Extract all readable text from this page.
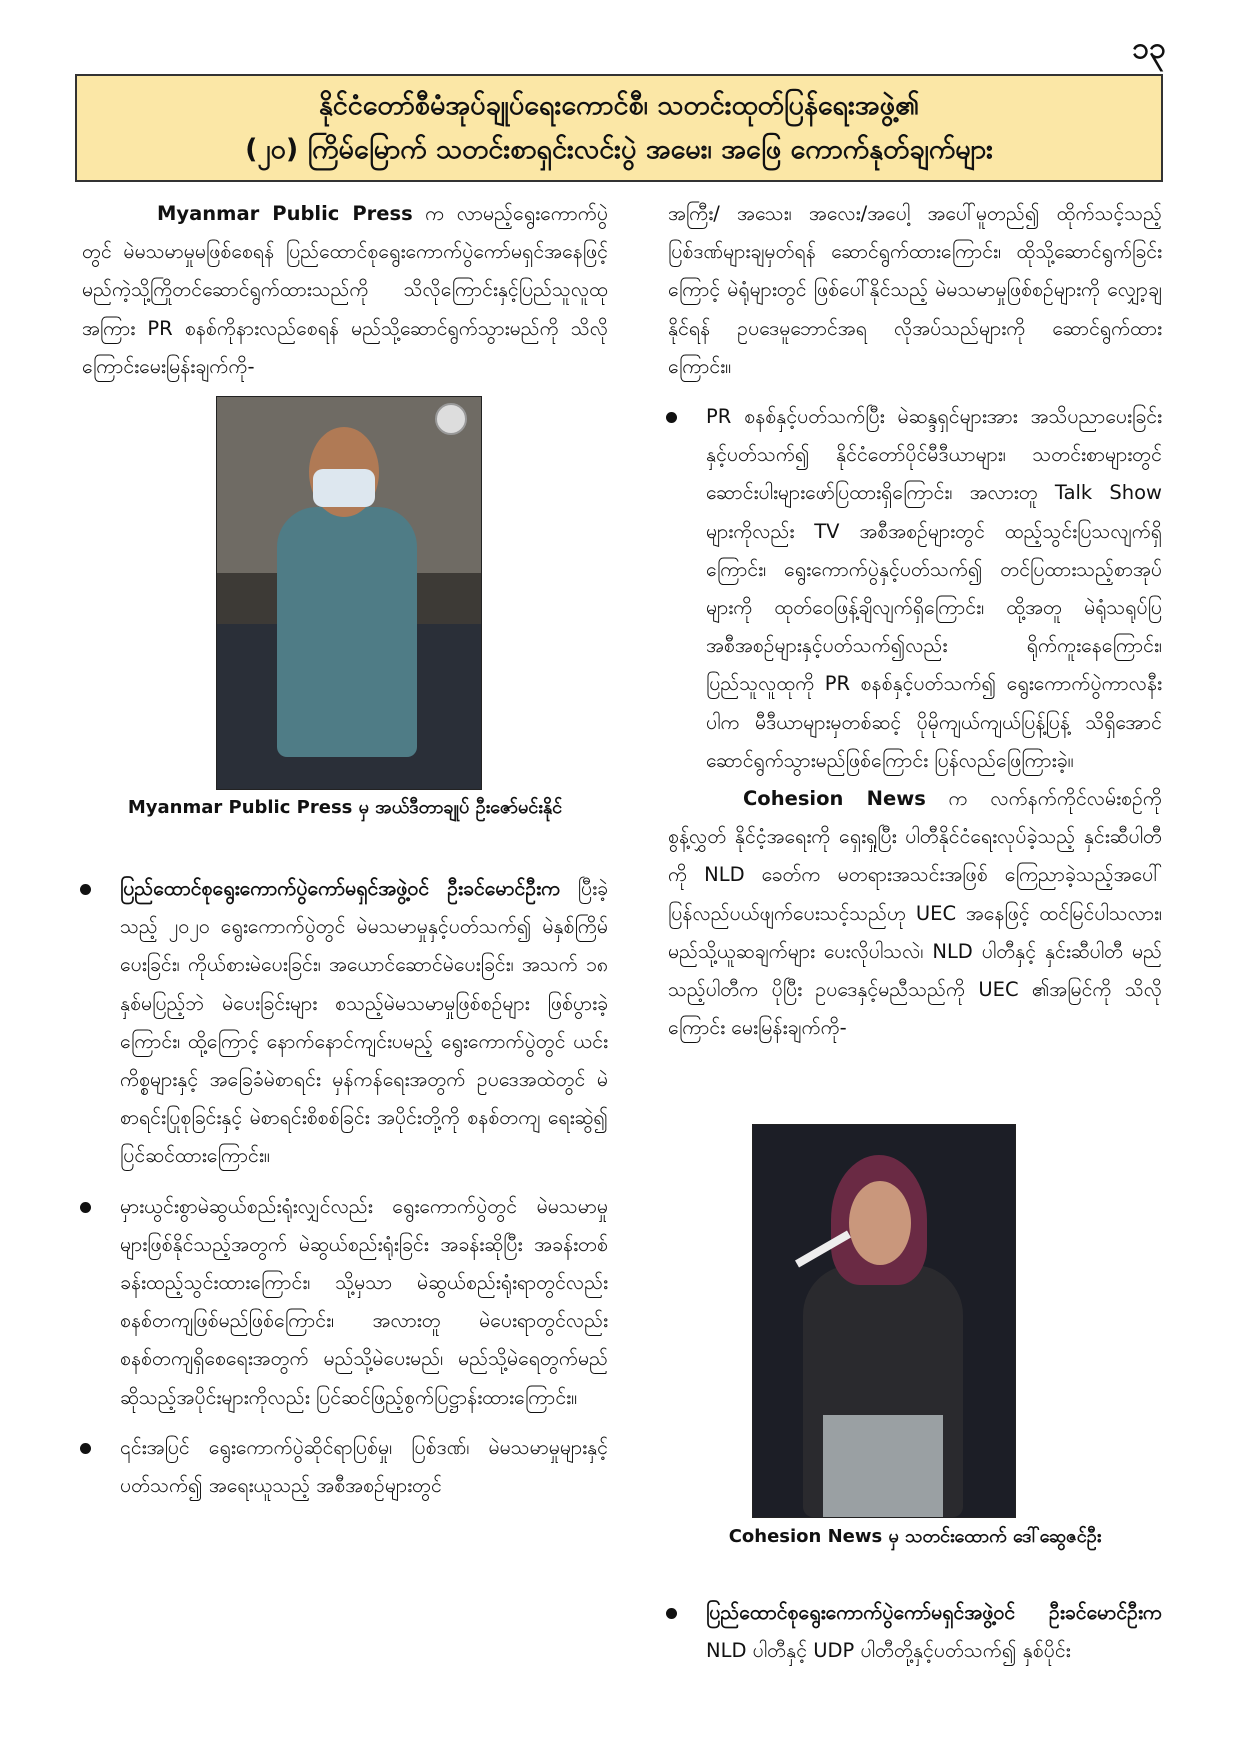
၁၃
နိုင်ငံတော်စီမံအုပ်ချုပ်ရေးကောင်စီ၊ သတင်းထုတ်ပြန်ရေးအဖွဲ့၏
(၂၀) ကြိမ်မြောက် သတင်းစာရှင်းလင်းပွဲ အမေး၊ အဖြေ ကောက်နုတ်ချက်များ

Myanmar Public Press က လာမည့်ရွေးကောက်ပွဲတွင် မဲမသမာမှုမဖြစ်စေရန် ပြည်ထောင်စုရွေးကောက်ပွဲကော်မရှင်အနေဖြင့် မည်ကဲ့သို့ကြိုတင်ဆောင်ရွက်ထားသည်ကို သိလိုကြောင်းနှင့်ပြည်သူလူထုအကြား PR စနစ်ကိုနားလည်စေရန် မည်သို့ဆောင်ရွက်သွားမည်ကို သိလိုကြောင်းမေးမြန်းချက်ကို-

Myanmar Public Press မှ အယ်ဒီတာချုပ် ဦးဇော်မင်းနိုင်

ပြည်ထောင်စုရွေးကောက်ပွဲကော်မရှင်အဖွဲ့ဝင် ဦးခင်မောင်ဦးက ပြီးခဲ့သည့် ၂၀၂၀ ရွေးကောက်ပွဲတွင် မဲမသမာမှုနှင့်ပတ်သက်၍ မဲနှစ်ကြိမ်ပေးခြင်း၊ ကိုယ်စားမဲပေးခြင်း၊ အယောင်ဆောင်မဲပေးခြင်း၊ အသက် ၁၈ နှစ်မပြည့်ဘဲ မဲပေးခြင်းများ စသည့်မဲမသမာမှုဖြစ်စဉ်များ ဖြစ်ပွားခဲ့ကြောင်း၊ ထို့ကြောင့် နောက်နောင်ကျင်းပမည့် ရွေးကောက်ပွဲတွင် ယင်းကိစ္စများနှင့် အခြေခံမဲစာရင်း မှန်ကန်ရေးအတွက် ဥပဒေအထဲတွင် မဲစာရင်းပြုစုခြင်းနှင့် မဲစာရင်းစိစစ်ခြင်း အပိုင်းတို့ကို စနစ်တကျ ရေးဆွဲ၍ ပြင်ဆင်ထားကြောင်း။

မှားယွင်းစွာမဲဆွယ်စည်းရုံးလျှင်လည်း ရွေးကောက်ပွဲတွင် မဲမသမာမှုများဖြစ်နိုင်သည့်အတွက် မဲဆွယ်စည်းရုံးခြင်း အခန်းဆိုပြီး အခန်းတစ်ခန်းထည့်သွင်းထားကြောင်း၊ သို့မှသာ မဲဆွယ်စည်းရုံးရာတွင်လည်း စနစ်တကျဖြစ်မည်ဖြစ်ကြောင်း၊ အလားတူ မဲပေးရာတွင်လည်း စနစ်တကျရှိစေရေးအတွက် မည်သို့မဲပေးမည်၊ မည်သို့မဲရေတွက်မည် ဆိုသည့်အပိုင်းများကိုလည်း ပြင်ဆင်ဖြည့်စွက်ပြဋ္ဌာန်းထားကြောင်း။

၎င်းအပြင် ရွေးကောက်ပွဲဆိုင်ရာပြစ်မှု၊ ပြစ်ဒဏ်၊ မဲမသမာမှုများနှင့်ပတ်သက်၍ အရေးယူသည့် အစီအစဉ်များတွင်

အကြီး/ အသေး၊ အလေး/အပေါ့ အပေါ်မူတည်၍ ထိုက်သင့်သည့် ပြစ်ဒဏ်များချမှတ်ရန် ဆောင်ရွက်ထားကြောင်း၊ ထိုသို့ဆောင်ရွက်ခြင်းကြောင့် မဲရုံများတွင် ဖြစ်ပေါ်နိုင်သည့် မဲမသမာမှုဖြစ်စဉ်များကို လျှော့ချနိုင်ရန် ဥပဒေမူဘောင်အရ လိုအပ်သည်များကို ဆောင်ရွက်ထားကြောင်း။

PR စနစ်နှင့်ပတ်သက်ပြီး မဲဆန္ဒရှင်များအား အသိပညာပေးခြင်းနှင့်ပတ်သက်၍ နိုင်ငံတော်ပိုင်မီဒီယာများ၊ သတင်းစာများတွင် ဆောင်းပါးများဖော်ပြထားရှိကြောင်း၊ အလားတူ Talk Show များကိုလည်း TV အစီအစဉ်များတွင် ထည့်သွင်းပြသလျက်ရှိကြောင်း၊ ရွေးကောက်ပွဲနှင့်ပတ်သက်၍ တင်ပြထားသည့်စာအုပ်များကို ထုတ်ဝေဖြန့်ချိလျက်ရှိကြောင်း၊ ထို့အတူ မဲရုံသရုပ်ပြအစီအစဉ်များနှင့်ပတ်သက်၍လည်း ရိုက်ကူးနေကြောင်း၊ ပြည်သူလူထုကို PR စနစ်နှင့်ပတ်သက်၍ ရွေးကောက်ပွဲကာလနီးပါက မီဒီယာများမှတစ်ဆင့် ပိုမိုကျယ်ကျယ်ပြန့်ပြန့် သိရှိအောင် ဆောင်ရွက်သွားမည်ဖြစ်ကြောင်း ပြန်လည်ဖြေကြားခဲ့။

Cohesion News က လက်နက်ကိုင်လမ်းစဉ်ကို စွန့်လွှတ် နိုင်ငံ့အရေးကို ရှေးရှုပြီး ပါတီနိုင်ငံရေးလုပ်ခဲ့သည့် နှင်းဆီပါတီကို NLD ခေတ်က မတရားအသင်းအဖြစ် ကြေညာခဲ့သည့်အပေါ် ပြန်လည်ပယ်ဖျက်ပေးသင့်သည်ဟု UEC အနေဖြင့် ထင်မြင်ပါသလား၊ မည်သို့ယူဆချက်များ ပေးလိုပါသလဲ၊ NLD ပါတီနှင့် နှင်းဆီပါတီ မည်သည့်ပါတီက ပိုပြီး ဥပဒေနှင့်မညီသည်ကို UEC ၏အမြင်ကို သိလိုကြောင်း မေးမြန်းချက်ကို-

Cohesion News မှ သတင်းထောက် ဒေါ်ဆွေဇင်ဦး

ပြည်ထောင်စုရွေးကောက်ပွဲကော်မရှင်အဖွဲ့ဝင် ဦးခင်မောင်ဦးက NLD ပါတီနှင့် UDP ပါတီတို့နှင့်ပတ်သက်၍ နှစ်ပိုင်း
